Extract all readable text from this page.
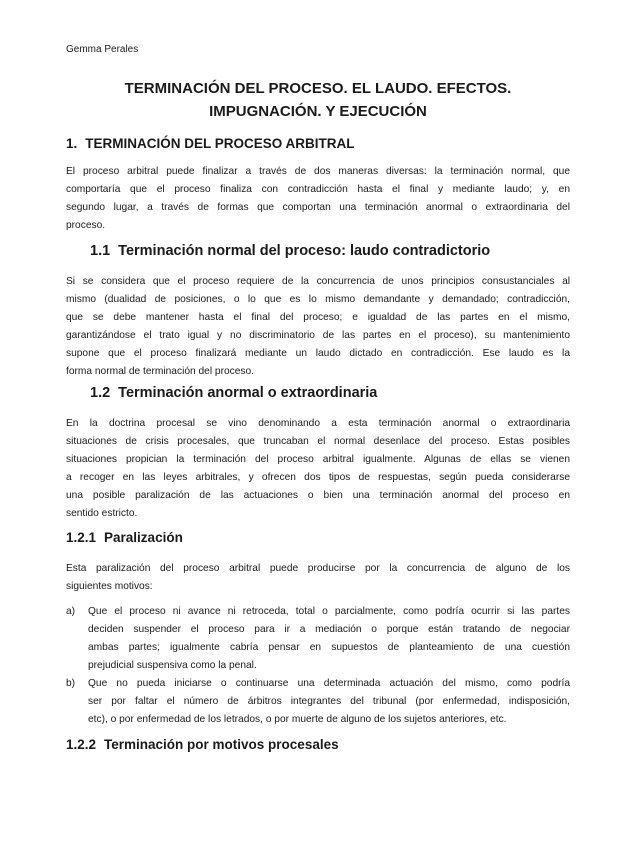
Gemma Perales
TERMINACIÓN DEL PROCESO. EL LAUDO. EFECTOS.
IMPUGNACIÓN. Y EJECUCIÓN
1. TERMINACIÓN DEL PROCESO ARBITRAL
El proceso arbitral puede finalizar a través de dos maneras diversas: la terminación normal, que
comportaría que el proceso finaliza con contradicción hasta el final y mediante laudo; y, en
segundo lugar, a través de formas que comportan una terminación anormal o extraordinaria del
proceso.
1.1 Terminación normal del proceso: laudo contradictorio
Si se considera que el proceso requiere de la concurrencia de unos principios consustanciales al
mismo (dualidad de posiciones, o lo que es lo mismo demandante y demandado; contradicción,
que se debe mantener hasta el final del proceso; e igualdad de las partes en el mismo,
garantizándose el trato igual y no discriminatorio de las partes en el proceso), su mantenimiento
supone que el proceso finalizará mediante un laudo dictado en contradicción. Ese laudo es la
forma normal de terminación del proceso.
1.2 Terminación anormal o extraordinaria
En la doctrina procesal se vino denominando a esta terminación anormal o extraordinaria
situaciones de crisis procesales, que truncaban el normal desenlace del proceso. Estas posibles
situaciones propician la terminación del proceso arbitral igualmente. Algunas de ellas se vienen
a recoger en las leyes arbitrales, y ofrecen dos tipos de respuestas, según pueda considerarse
una posible paralización de las actuaciones o bien una terminación anormal del proceso en
sentido estricto.
1.2.1 Paralización
Esta paralización del proceso arbitral puede producirse por la concurrencia de alguno de los
siguientes motivos:
a) Que el proceso ni avance ni retroceda, total o parcialmente, como podría ocurrir si las partes
deciden suspender el proceso para ir a mediación o porque están tratando de negociar
ambas partes; igualmente cabría pensar en supuestos de planteamiento de una cuestión
prejudicial suspensiva como la penal.
b) Que no pueda iniciarse o continuarse una determinada actuación del mismo, como podría
ser por faltar el número de árbitros integrantes del tribunal (por enfermedad, indisposición,
etc), o por enfermedad de los letrados, o por muerte de alguno de los sujetos anteriores, etc.
1.2.2 Terminación por motivos procesales
